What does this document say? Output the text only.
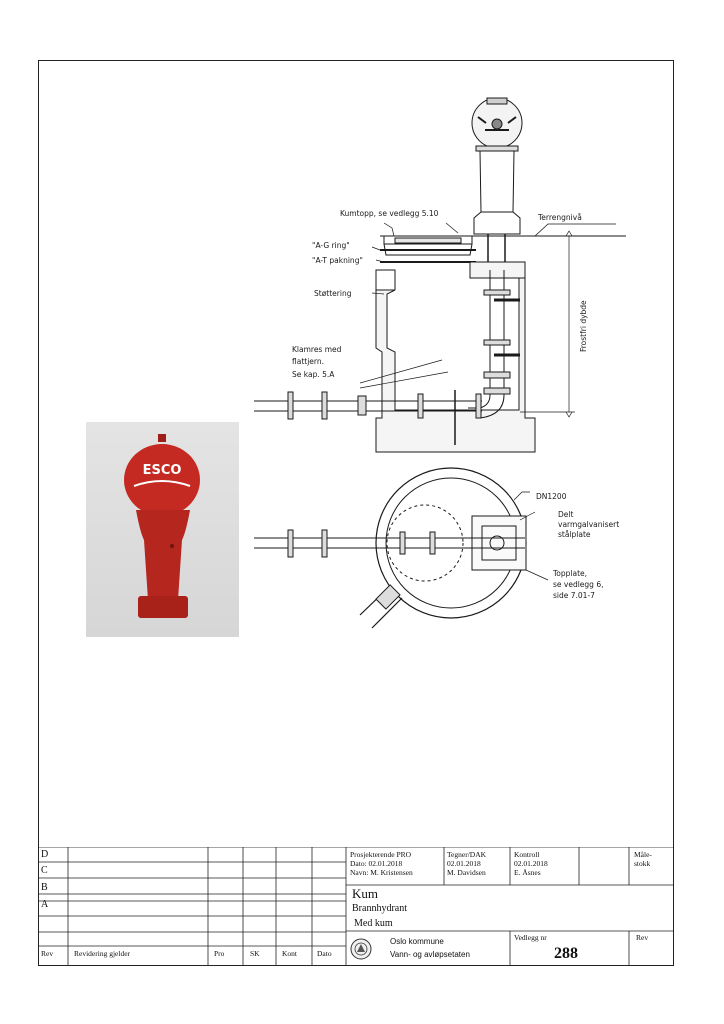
Kumtopp, se vedlegg 5.10	Terrengnivå
"A-G ring"
"A-T pakning"
Støttering
Klamres med
flattjern.
Se kap. 5.A
Frostfri dybde
DN1200
Delt
varmgalvanisert
stålplate
Topplate,
se vedlegg 6,
side 7.01-7
ESCO
D
C
B
A
Rev	Revidering gjelder	Pro	SK	Kont	Dato
Prosjekterende PRO
Dato: 02.01.2018
Navn: M. Kristensen
Tegner/DAK
02.01.2018
M. Davidsen
Kontroll
02.01.2018
E. Åsnes
Måle-
stokk
Kum
Brannhydrant
Med kum
Oslo kommune
Vann- og avløpsetaten
Vedlegg nr
288
Rev
